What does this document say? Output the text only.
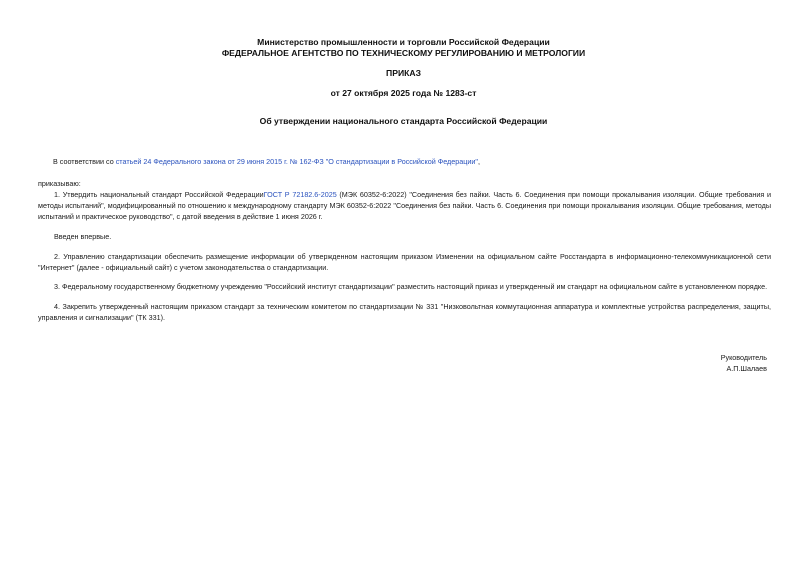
Министерство промышленности и торговли Российской Федерации
ФЕДЕРАЛЬНОЕ АГЕНТСТВО ПО ТЕХНИЧЕСКОМУ РЕГУЛИРОВАНИЮ И МЕТРОЛОГИИ
ПРИКАЗ
от 27 октября 2025 года № 1283-ст
Об утверждении национального стандарта Российской Федерации
В соответствии со статьей 24 Федерального закона от 29 июня 2015 г. № 162-ФЗ "О стандартизации в Российской Федерации",
приказываю:
1. Утвердить национальный стандарт Российской ФедерацииГОСТ Р 72182.6-2025 (МЭК 60352-6:2022) "Соединения без пайки. Часть 6. Соединения при помощи прокалывания изоляции. Общие требования и методы испытаний", модифицированный по отношению к международному стандарту МЭК 60352-6:2022 "Соединения без пайки. Часть 6. Соединения при помощи прокалывания изоляции. Общие требования, методы испытаний и практическое руководство", с датой введения в действие 1 июня 2026 г.
Введен впервые.
2. Управлению стандартизации обеспечить размещение информации об утвержденном настоящим приказом Изменении на официальном сайте Росстандарта в информационно-телекоммуникационной сети "Интернет" (далее - официальный сайт) с учетом законодательства о стандартизации.
3. Федеральному государственному бюджетному учреждению "Российский институт стандартизации" разместить настоящий приказ и утвержденный им стандарт на официальном сайте в установленном порядке.
4. Закрепить утвержденный настоящим приказом стандарт за техническим комитетом по стандартизации № 331 "Низковольтная коммутационная аппаратура и комплектные устройства распределения, защиты, управления и сигнализации" (ТК 331).
Руководитель
А.П.Шалаев
